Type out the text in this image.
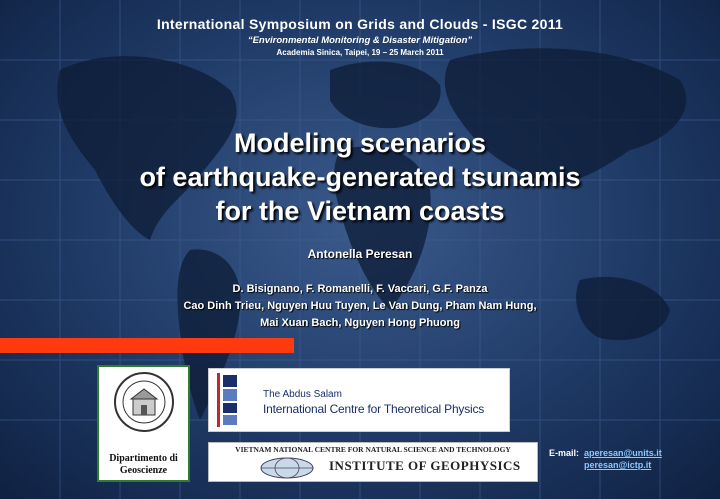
International Symposium on Grids and Clouds - ISGC 2011
“Environmental Monitoring & Disaster Mitigation”
Academia Sinica, Taipei, 19 – 25 March 2011
Modeling scenarios
of earthquake-generated tsunamis
for the Vietnam coasts
Antonella Peresan
D. Bisignano, F. Romanelli, F. Vaccari, G.F. Panza
Cao Dinh Trieu, Nguyen Huu Tuyen, Le Van Dung, Pham Nam Hung,
Mai Xuan Bach, Nguyen Hong Phuong
Dipartimento di
Geoscienze
The Abdus Salam
International Centre for Theoretical Physics
VIETNAM NATIONAL CENTRE FOR NATURAL SCIENCE AND TECHNOLOGY
INSTITUTE OF GEOPHYSICS
E-mail: aperesan@units.it
peresan@ictp.it
